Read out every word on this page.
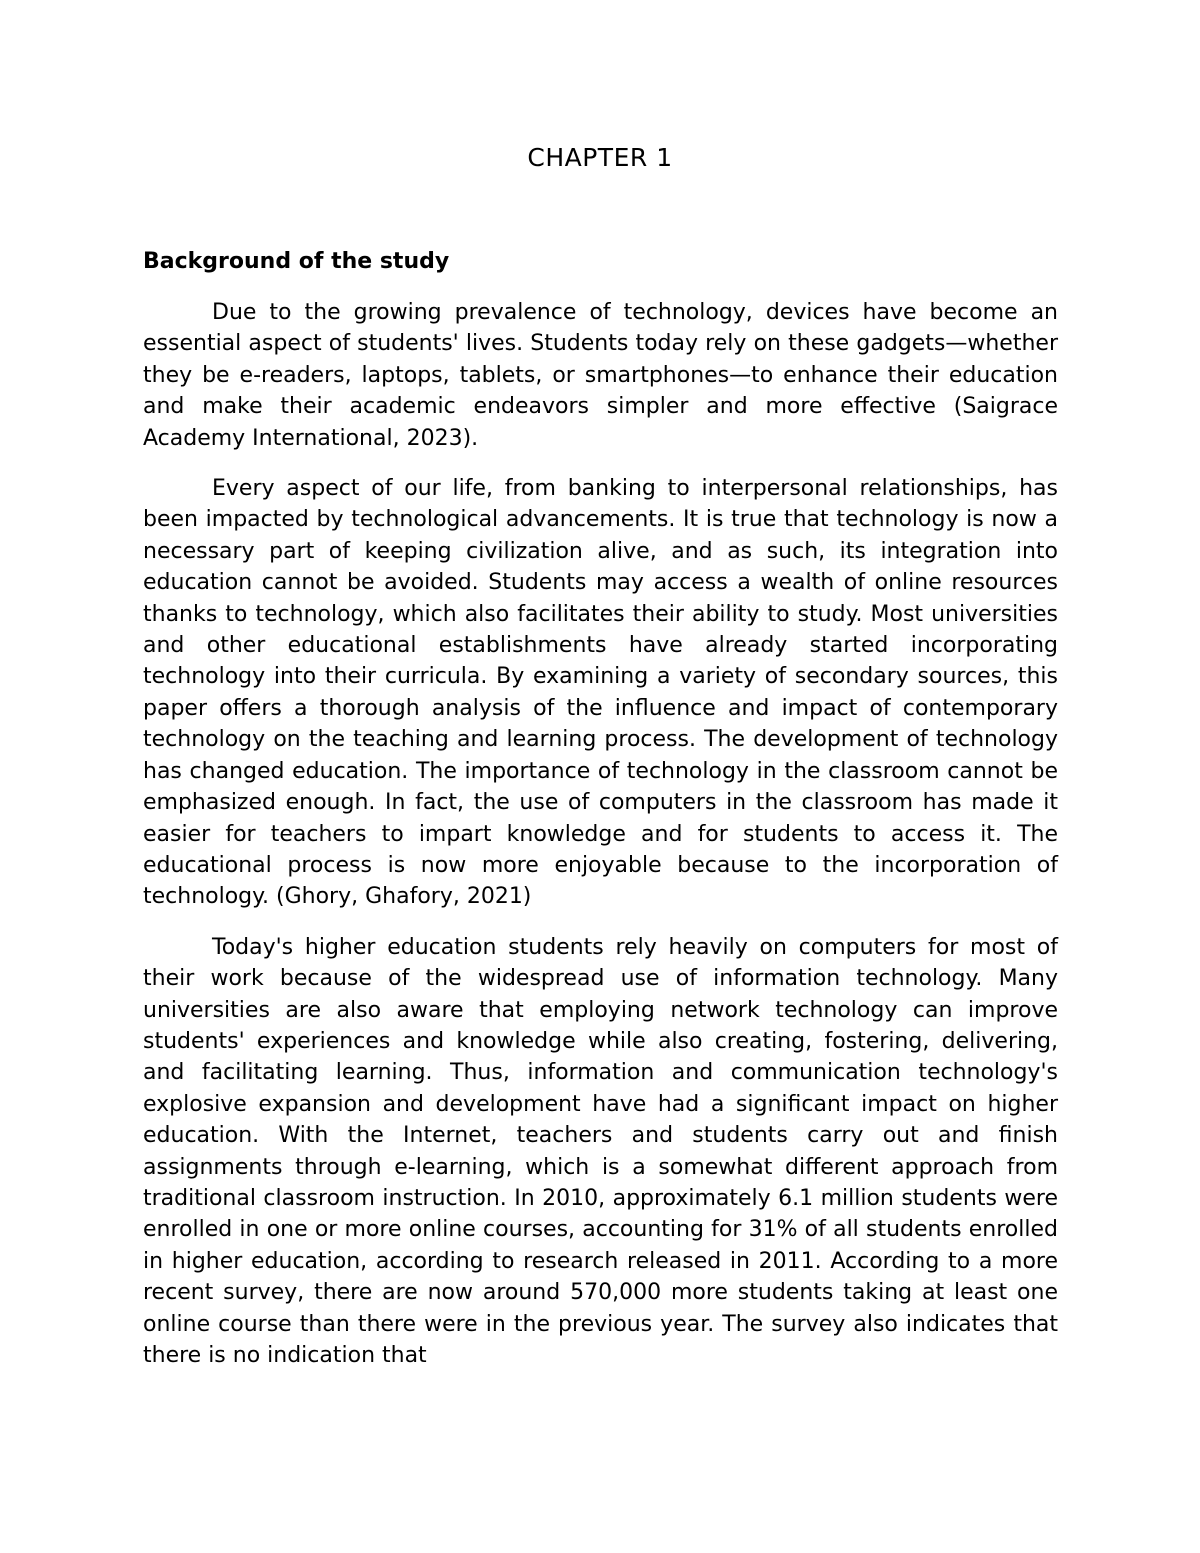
CHAPTER 1
Background of the study

Due to the growing prevalence of technology, devices have become an essential aspect of students' lives. Students today rely on these gadgets—whether they be e-readers, laptops, tablets, or smartphones—to enhance their education and make their academic endeavors simpler and more effective (Saigrace Academy International, 2023).

Every aspect of our life, from banking to interpersonal relationships, has been impacted by technological advancements. It is true that technology is now a necessary part of keeping civilization alive, and as such, its integration into education cannot be avoided. Students may access a wealth of online resources thanks to technology, which also facilitates their ability to study. Most universities and other educational establishments have already started incorporating technology into their curricula. By examining a variety of secondary sources, this paper offers a thorough analysis of the influence and impact of contemporary technology on the teaching and learning process. The development of technology has changed education. The importance of technology in the classroom cannot be emphasized enough. In fact, the use of computers in the classroom has made it easier for teachers to impart knowledge and for students to access it. The educational process is now more enjoyable because to the incorporation of technology. (Ghory, Ghafory, 2021)

Today's higher education students rely heavily on computers for most of their work because of the widespread use of information technology. Many universities are also aware that employing network technology can improve students' experiences and knowledge while also creating, fostering, delivering, and facilitating learning. Thus, information and communication technology's explosive expansion and development have had a significant impact on higher education. With the Internet, teachers and students carry out and finish assignments through e-learning, which is a somewhat different approach from traditional classroom instruction. In 2010, approximately 6.1 million students were enrolled in one or more online courses, accounting for 31% of all students enrolled in higher education, according to research released in 2011. According to a more recent survey, there are now around 570,000 more students taking at least one online course than there were in the previous year. The survey also indicates that there is no indication that
